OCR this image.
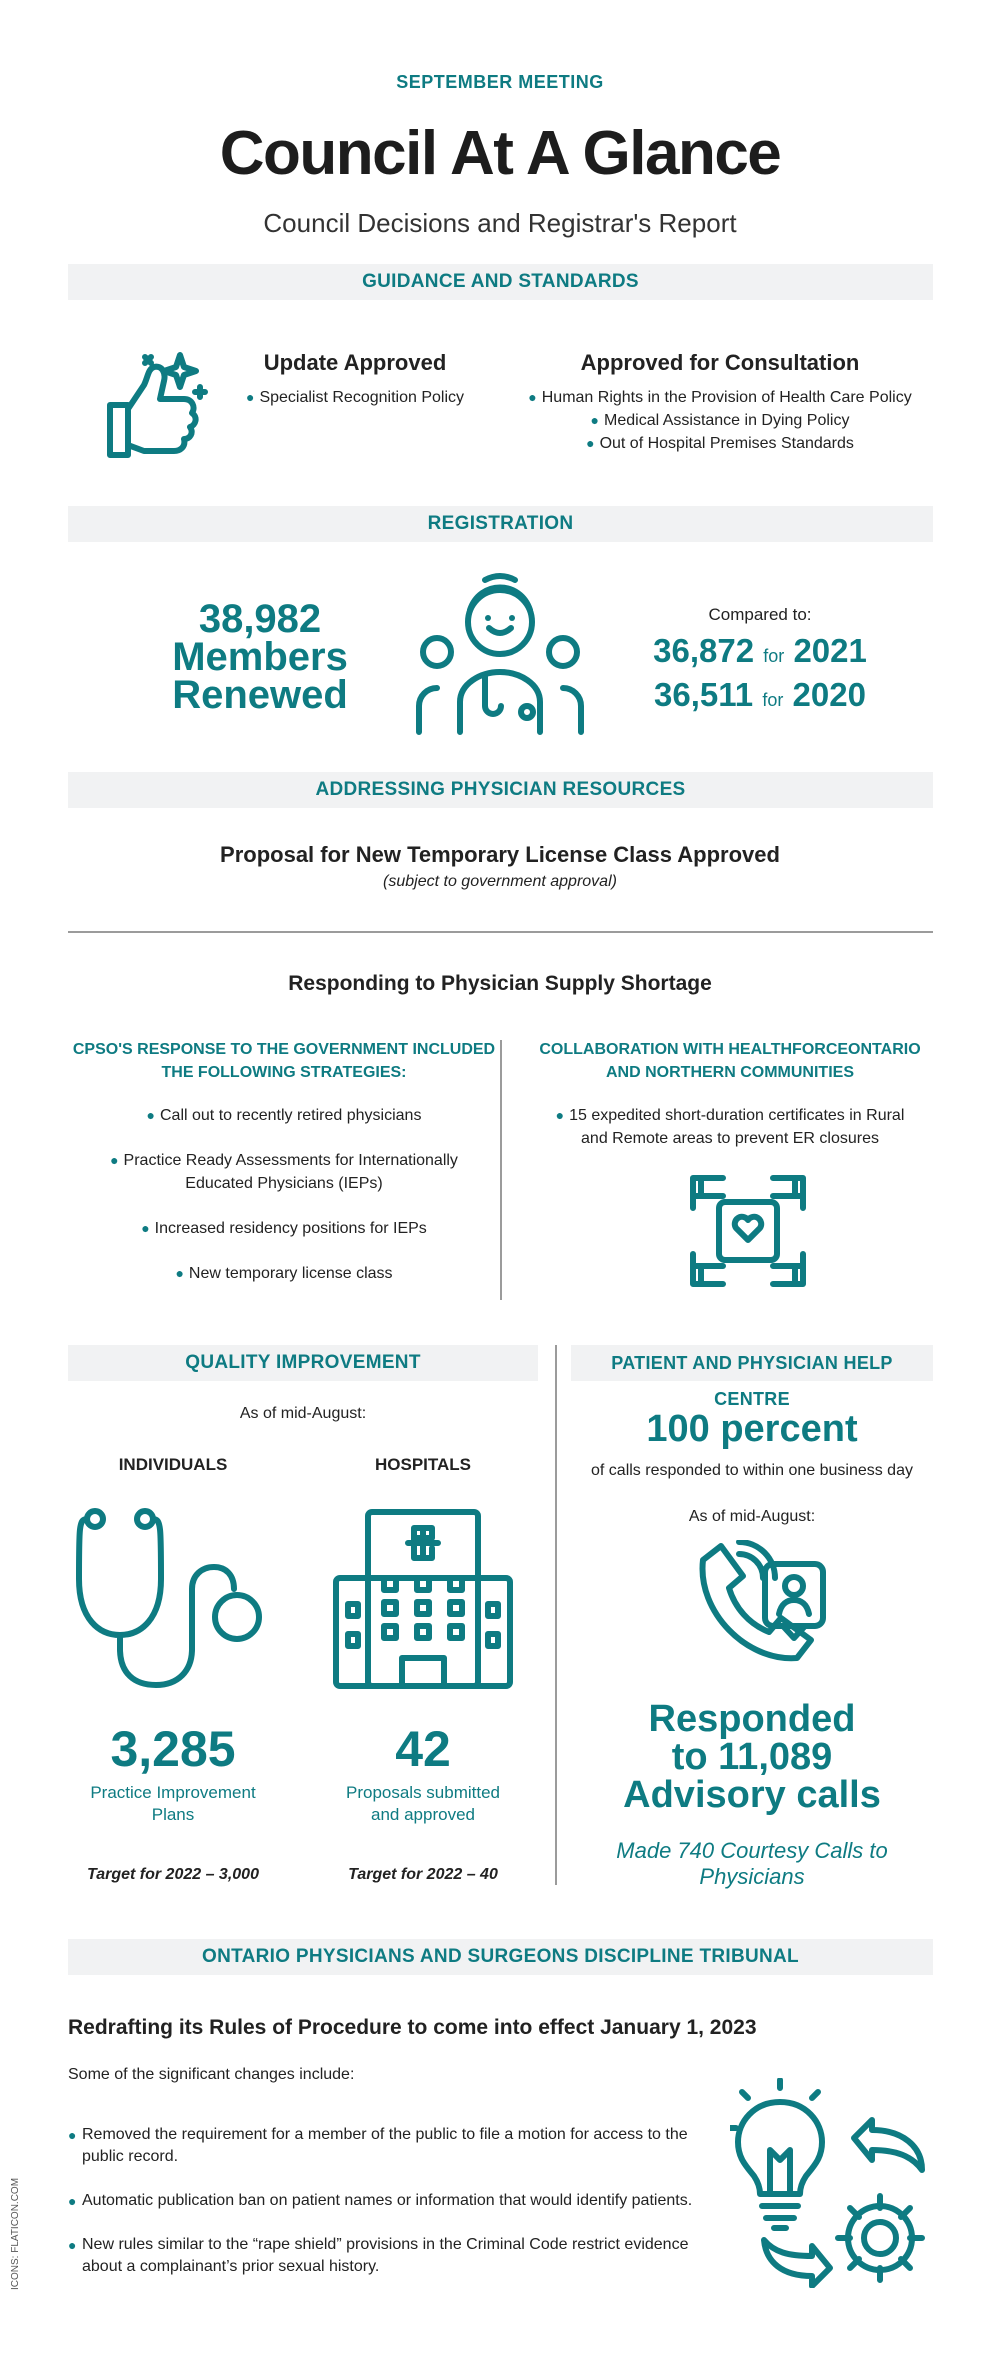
SEPTEMBER MEETING
Council At A Glance
Council Decisions and Registrar's Report
GUIDANCE AND STANDARDS
Update Approved
● Specialist Recognition Policy
Approved for Consultation
● Human Rights in the Provision of Health Care Policy
● Medical Assistance in Dying Policy
● Out of Hospital Premises Standards
REGISTRATION
38,982
Members
Renewed
Compared to:
36,872 for 2021
36,511 for 2020
ADDRESSING PHYSICIAN RESOURCES
Proposal for New Temporary License Class Approved
(subject to government approval)
Responding to Physician Supply Shortage
CPSO'S RESPONSE TO THE GOVERNMENT INCLUDED
THE FOLLOWING STRATEGIES:
● Call out to recently retired physicians
● Practice Ready Assessments for Internationally
Educated Physicians (IEPs)
● Increased residency positions for IEPs
● New temporary license class
COLLABORATION WITH HEALTHFORCEONTARIO
AND NORTHERN COMMUNITIES
● 15 expedited short-duration certificates in Rural
and Remote areas to prevent ER closures
QUALITY IMPROVEMENT
As of mid-August:
INDIVIDUALS	HOSPITALS
3,285
Practice Improvement
Plans
Target for 2022 – 3,000
42
Proposals submitted
and approved
Target for 2022 – 40
PATIENT AND PHYSICIAN HELP CENTRE
100 percent
of calls responded to within one business day
As of mid-August:
Responded
to 11,089
Advisory calls
Made 740 Courtesy Calls to
Physicians
ONTARIO PHYSICIANS AND SURGEONS DISCIPLINE TRIBUNAL
Redrafting its Rules of Procedure to come into effect January 1, 2023
Some of the significant changes include:
● Removed the requirement for a member of the public to file a motion for access to the
public record.
● Automatic publication ban on patient names or information that would identify patients.
● New rules similar to the “rape shield” provisions in the Criminal Code restrict evidence
about a complainant’s prior sexual history.
ICONS: FLATICON.COM
